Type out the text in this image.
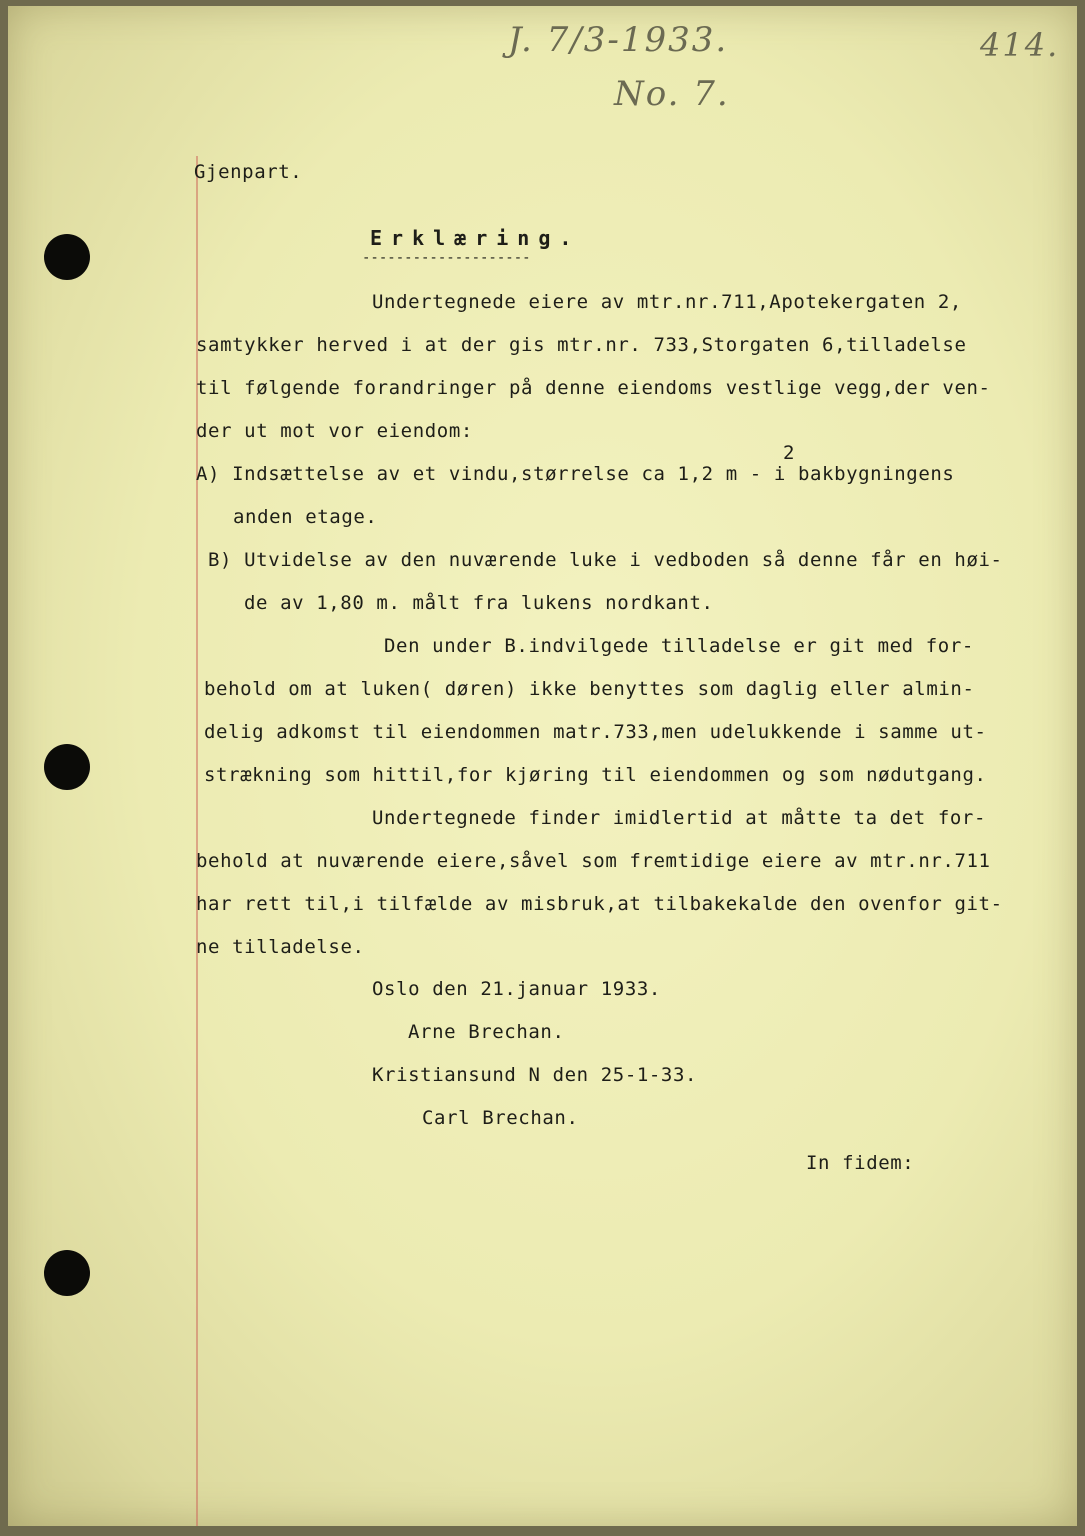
J. 7/3-1933.
No. 7.
414.
Gjenpart.
Erklæring.
--------------------
Undertegnede eiere av mtr.nr.711,Apotekergaten 2,
samtykker herved i at der gis mtr.nr. 733,Storgaten 6,tilladelse
til følgende forandringer på denne eiendoms vestlige vegg,der ven-
der ut mot vor eiendom:
2
A) Indsættelse av et vindu,størrelse ca 1,2 m - i bakbygningens
anden etage.
B) Utvidelse av den nuværende luke i vedboden så denne får en høi-
de av 1,80 m. målt fra lukens nordkant.
Den under B.indvilgede tilladelse er git med for-
behold om at luken( døren) ikke benyttes som daglig eller almin-
delig adkomst til eiendommen matr.733,men udelukkende i samme ut-
strækning som hittil,for kjøring til eiendommen og som nødutgang.
Undertegnede finder imidlertid at måtte ta det for-
behold at nuværende eiere,såvel som fremtidige eiere av mtr.nr.711
har rett til,i tilfælde av misbruk,at tilbakekalde den ovenfor git-
ne tilladelse.
Oslo den 21.januar 1933.
Arne Brechan.
Kristiansund N den 25-1-33.
Carl Brechan.
In fidem:
